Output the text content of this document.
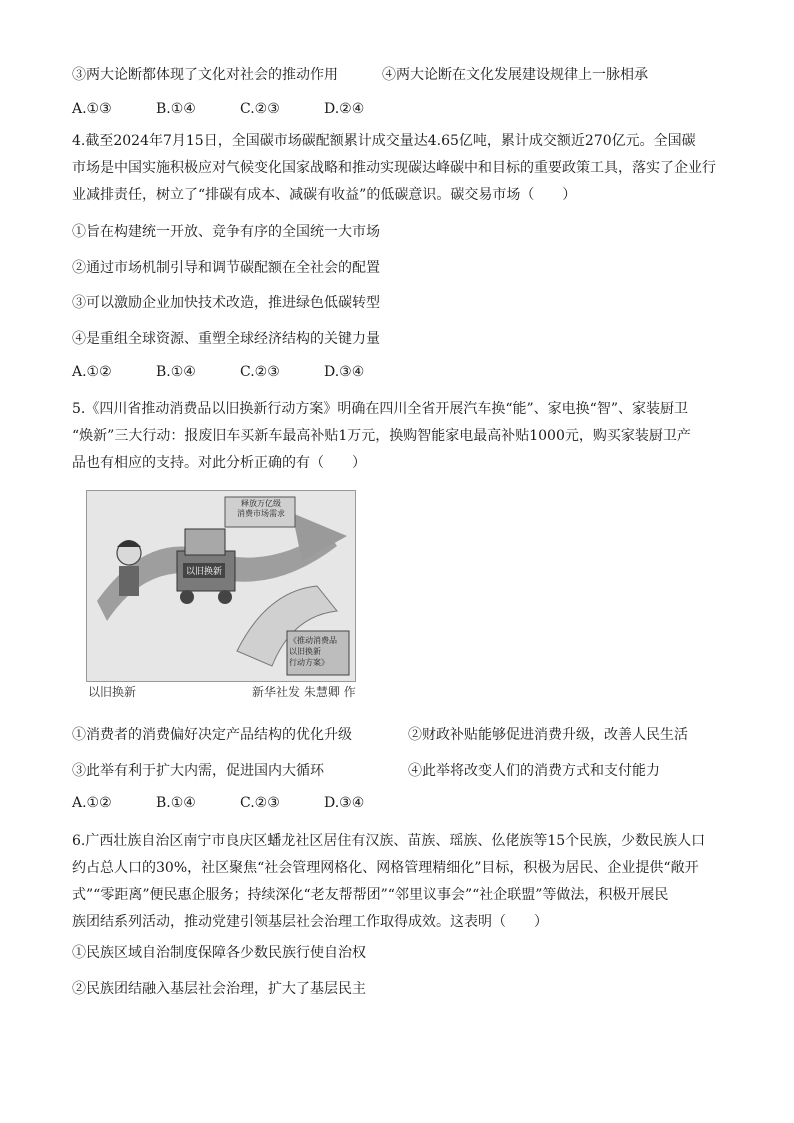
③两大论断都体现了文化对社会的推动作用	④两大论断在文化发展建设规律上一脉相承
A.①③	B.①④	C.②③	D.②④
4.截至2024年7月15日，全国碳市场碳配额累计成交量达4.65亿吨，累计成交额近270亿元。全国碳
市场是中国实施积极应对气候变化国家战略和推动实现碳达峰碳中和目标的重要政策工具，落实了企业行
业减排责任，树立了“排碳有成本、减碳有收益”的低碳意识。碳交易市场（　　）
①旨在构建统一开放、竞争有序的全国统一大市场
②通过市场机制引导和调节碳配额在全社会的配置
③可以激励企业加快技术改造，推进绿色低碳转型
④是重组全球资源、重塑全球经济结构的关键力量
A.①②	B.①④	C.②③	D.③④
5.《四川省推动消费品以旧换新行动方案》明确在四川全省开展汽车换“能”、家电换“智”、家装厨卫
“焕新”三大行动：报废旧车买新车最高补贴1万元，换购智能家电最高补贴1000元，购买家装厨卫产
品也有相应的支持。对此分析正确的有（　　）
释放万亿级
消费市场需求
以旧换新
《推动消费品
以旧换新
行动方案》
以旧换新	新华社发 朱慧卿 作
①消费者的消费偏好决定产品结构的优化升级	②财政补贴能够促进消费升级，改善人民生活
③此举有利于扩大内需，促进国内大循环	④此举将改变人们的消费方式和支付能力
A.①②	B.①④	C.②③	D.③④
6.广西壮族自治区南宁市良庆区蟠龙社区居住有汉族、苗族、瑶族、仫佬族等15个民族，少数民族人口
约占总人口的30%，社区聚焦“社会管理网格化、网格管理精细化”目标，积极为居民、企业提供“敞开
式”“零距离”便民惠企服务；持续深化“老友帮帮团”“邻里议事会”“社企联盟”等做法，积极开展民
族团结系列活动，推动党建引领基层社会治理工作取得成效。这表明（　　）
①民族区域自治制度保障各少数民族行使自治权
②民族团结融入基层社会治理，扩大了基层民主
